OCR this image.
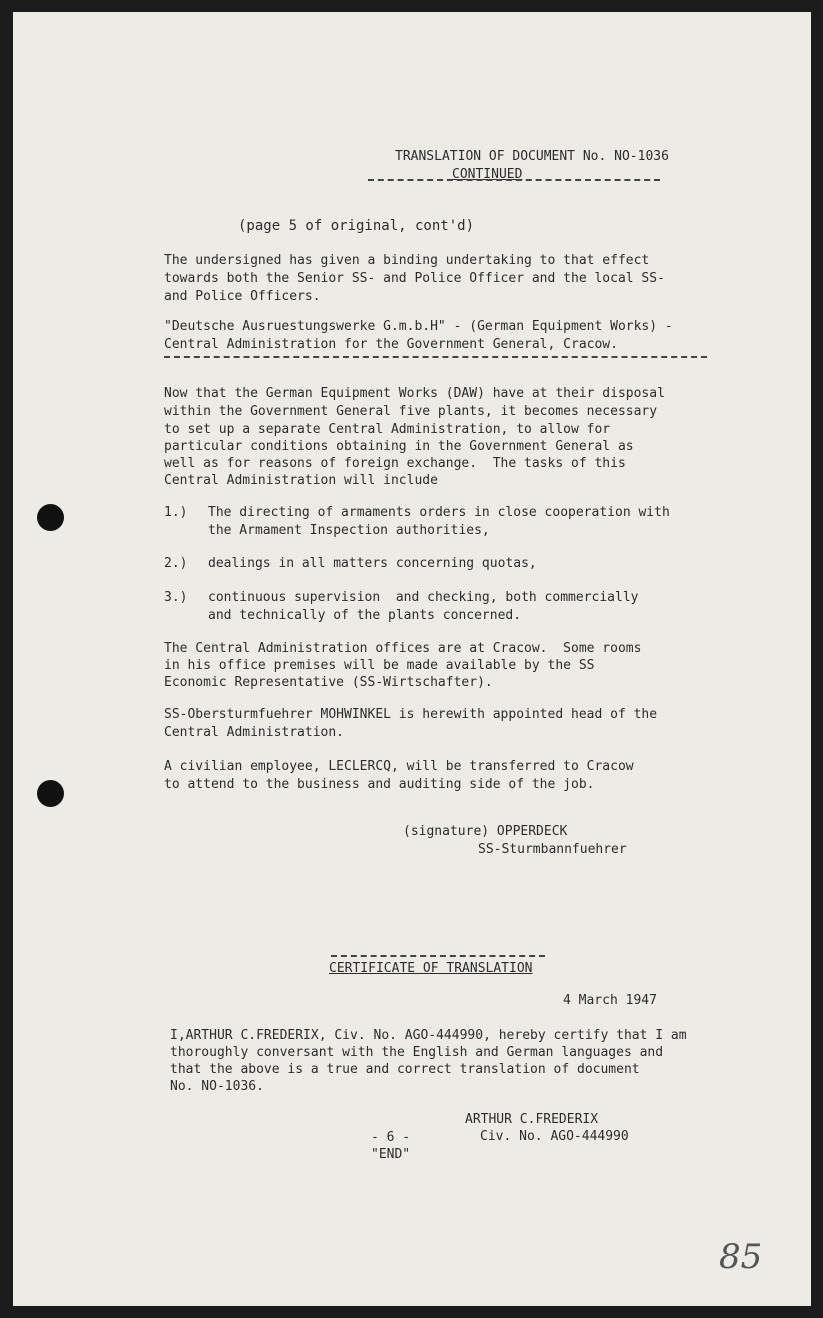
TRANSLATION OF DOCUMENT No. NO-1036
CONTINUED
(page 5 of original, cont'd)
The undersigned has given a binding undertaking to that effect
towards both the Senior SS- and Police Officer and the local SS-
and Police Officers.
"Deutsche Ausruestungswerke G.m.b.H" - (German Equipment Works) -
Central Administration for the Government General, Cracow.
Now that the German Equipment Works (DAW) have at their disposal
within the Government General five plants, it becomes necessary
to set up a separate Central Administration, to allow for
particular conditions obtaining in the Government General as
well as for reasons of foreign exchange.  The tasks of this
Central Administration will include
1.) The directing of armaments orders in close cooperation with
the Armament Inspection authorities,
2.) dealings in all matters concerning quotas,
3.) continuous supervision  and checking, both commercially
and technically of the plants concerned.
The Central Administration offices are at Cracow.  Some rooms
in his office premises will be made available by the SS
Economic Representative (SS-Wirtschafter).
SS-Obersturmfuehrer MOHWINKEL is herewith appointed head of the
Central Administration.
A civilian employee, LECLERCQ, will be transferred to Cracow
to attend to the business and auditing side of the job.
(signature) OPPERDECK
SS-Sturmbannfuehrer
CERTIFICATE OF TRANSLATION
4 March 1947
I,ARTHUR C.FREDERIX, Civ. No. AGO-444990, hereby certify that I am
thoroughly conversant with the English and German languages and
that the above is a true and correct translation of document
No. NO-1036.
ARTHUR C.FREDERIX
Civ. No. AGO-444990
- 6 -
"END"
85
